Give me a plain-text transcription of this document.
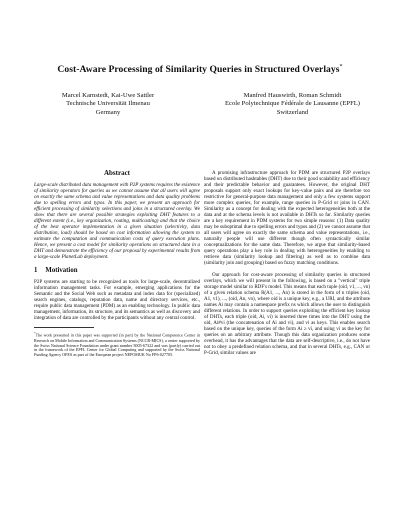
Cost-Aware Processing of Similarity Queries in Structured Overlays*
Marcel Karnstedt, Kai-Uwe Sattler
Technische Universität Ilmenau
Germany
Manfred Hauswirth, Roman Schmidt
Ecole Polytechnique Fédérale de Lausanne (EPFL)
Switzerland
Abstract

Large-scale distributed data management with P2P systems requires the existence of similarity operators for queries as we cannot assume that all users will agree on exactly the same schema and value representations and data quality problems due to spelling errors and typos. In this paper, we present an approach for efficient processing of similarity selections and joins in a structured overlay. We show that there are several possible strategies exploiting DHT features to a different extent (i.e., key organization, routing, multicasting) and that the choice of the best operator implementation in a given situation (selectivity, data distribution, load) should be based on cost information allowing the system to estimate the computation and communication costs of query execution plans. Hence, we present a cost model for similarity operations on structured data in a DHT and demonstrate the efficiency of our proposal by experimental results from a large-scale PlanetLab deployment.

1 Motivation

P2P systems are starting to be recognized as tools for large-scale, decentralized information management tasks. For example, emerging applications for the Semantic and the Social Web such as metadata and index data for (specialized) search engines, catalogs, reputation data, name and directory services, etc., require public data management (PDM) as an enabling technology. In public data management, information, its structure, and its semantics as well as discovery and integration of data are controlled by the participants without any central control.

*The work presented in this paper was supported (in part) by the National Competence Center in Research on Mobile Information and Communication Systems (NCCR-MICS), a center supported by the Swiss National Science Foundation under grant number 5005-67322 and was (partly) carried out in the framework of the EPFL Center for Global Computing and supported by the Swiss National Funding Agency OFES as part of the European project NEPOMUK No FP6-027705.

A promising infrastructure approach for PDM are structured P2P overlays based on distributed hashtables (DHT) due to their good scalability and efficiency and their predictable behavior and guarantees. However, the original DHT proposals support only exact lookups for key-value pairs and are therefore too restrictive for general-purpose data management and only a few systems support more complex queries, for example, range queries in P-Grid or joins in CAN. Similarity as a concept for dealing with the expected heterogeneities both at the data and at the schema levels is not available in DHTs so far. Similarity queries are a key requirement in PDM systems for two simple reasons: (1) Data quality may be suboptimal due to spelling errors and typos and (2) we cannot assume that all users will agree on exactly the same schema and value representations, i.e., naturally people will use different though often syntactically similar conceptualizations for the same data. Therefore, we argue that similarity-based query operations play a key role in dealing with heterogeneities by enabling to retrieve data (similarity lookup and filtering) as well as to combine data (similarity join and grouping) based on fuzzy matching conditions.

Our approach for cost-aware processing of similarity queries in structured overlays, which we will present in the following, is based on a "vertical" triple storage model similar to RDF's model. This means that each tuple (oid, v1, ..., vn) of a given relation schema R(A1, ..., An) is stored in the form of n triples (oid, A1, v1), ..., (oid, An, vn), where oid is a unique key, e.g., a URI, and the attribute names Ai may contain a namespace prefix ns which allows the user to distinguish different relations. In order to support queries exploiting the efficient key lookup of DHTs, each triple (oid, Ai, vi) is inserted three times into the DHT using the oid, Ai#vi (the concatenation of Ai and vi), and vi as keys. This enables search based on the unique key, queries of the form Ai ≥ vi, and using vi as the key for queries on an arbitrary attribute. Though this data organization produces some overhead, it has the advantages that the data are self-descriptive, i.e., do not have not to obey a predefined relation schema, and that in several DHTs, e.g., CAN or P-Grid, similar values are
